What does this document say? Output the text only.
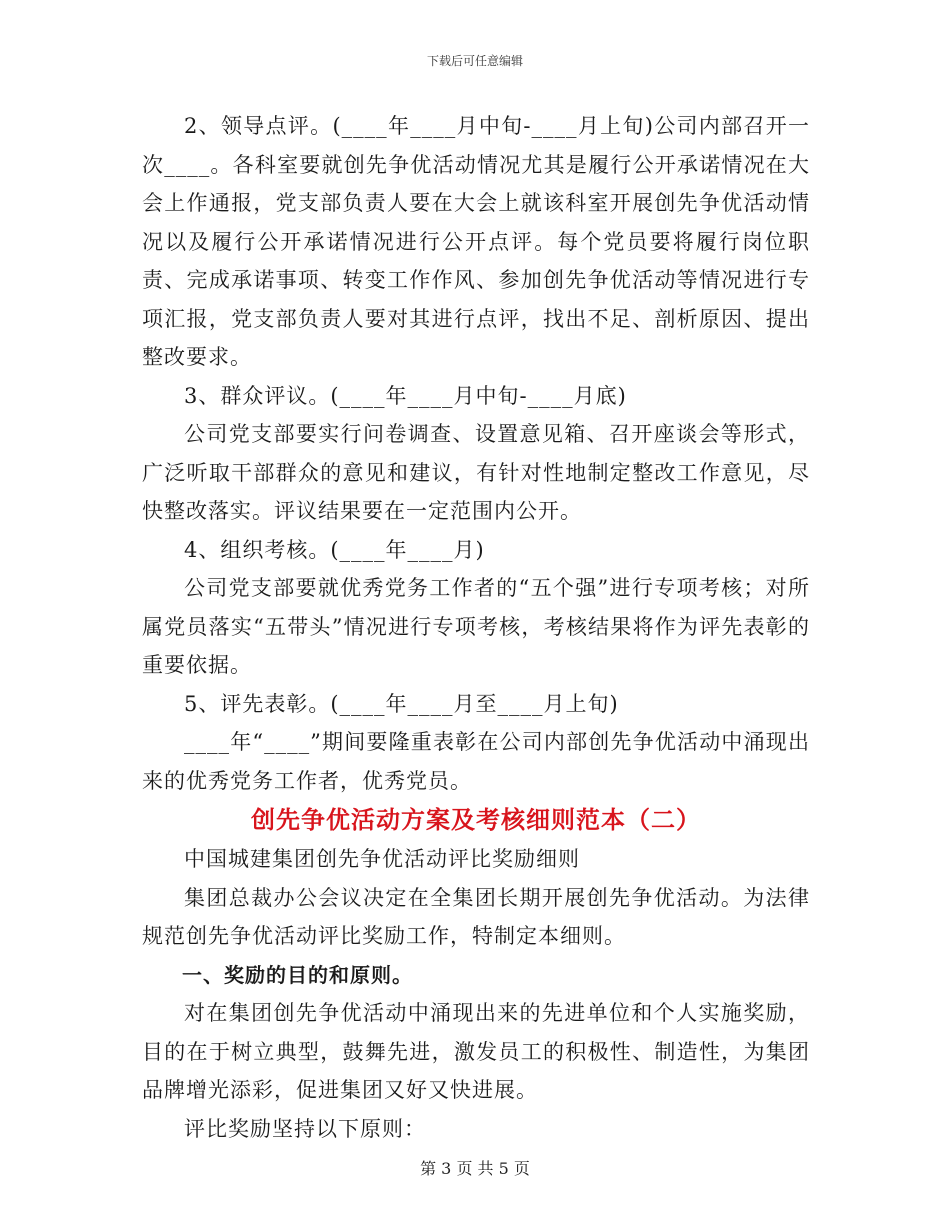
下载后可任意编辑

2、领导点评。(____年____月中旬-____月上旬)公司内部召开一次____。各科室要就创先争优活动情况尤其是履行公开承诺情况在大会上作通报，党支部负责人要在大会上就该科室开展创先争优活动情况以及履行公开承诺情况进行公开点评。每个党员要将履行岗位职责、完成承诺事项、转变工作作风、参加创先争优活动等情况进行专项汇报，党支部负责人要对其进行点评，找出不足、剖析原因、提出整改要求。

3、群众评议。(____年____月中旬-____月底)

公司党支部要实行问卷调查、设置意见箱、召开座谈会等形式，广泛听取干部群众的意见和建议，有针对性地制定整改工作意见，尽快整改落实。评议结果要在一定范围内公开。

4、组织考核。(____年____月)

公司党支部要就优秀党务工作者的“五个强”进行专项考核；对所属党员落实“五带头”情况进行专项考核，考核结果将作为评先表彰的重要依据。

5、评先表彰。(____年____月至____月上旬)

____年“____”期间要隆重表彰在公司内部创先争优活动中涌现出来的优秀党务工作者，优秀党员。

创先争优活动方案及考核细则范本（二）

中国城建集团创先争优活动评比奖励细则

集团总裁办公会议决定在全集团长期开展创先争优活动。为法律规范创先争优活动评比奖励工作，特制定本细则。

一、奖励的目的和原则。

对在集团创先争优活动中涌现出来的先进单位和个人实施奖励，目的在于树立典型，鼓舞先进，激发员工的积极性、制造性，为集团品牌增光添彩，促进集团又好又快进展。

评比奖励坚持以下原则：

第 3 页 共 5 页
